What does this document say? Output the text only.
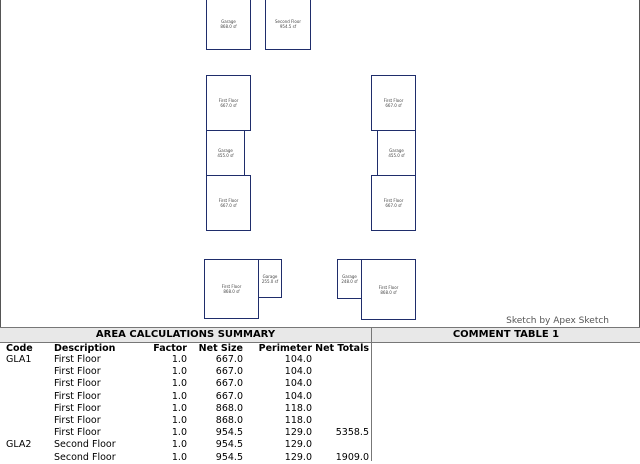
Garage
868.0 sf
Second Floor
954.5 sf
First Floor
667.0 sf
Garage
455.0 sf
First Floor
667.0 sf
First Floor
667.0 sf
Garage
455.0 sf
First Floor
667.0 sf
First Floor
868.0 sf
Garage
255.0 sf
Garage
248.0 sf
First Floor
868.0 sf
Sketch by Apex Sketch
AREA CALCULATIONS SUMMARY
Code	Description	Factor	Net Size	Perimeter	Net Totals
GLA1	First Floor	1.0	667.0	104.0	
	First Floor	1.0	667.0	104.0	
	First Floor	1.0	667.0	104.0	
	First Floor	1.0	667.0	104.0	
	First Floor	1.0	868.0	118.0	
	First Floor	1.0	868.0	118.0	
	First Floor	1.0	954.5	129.0	5358.5
GLA2	Second Floor	1.0	954.5	129.0	
	Second Floor	1.0	954.5	129.0	1909.0
COMMENT TABLE 1
